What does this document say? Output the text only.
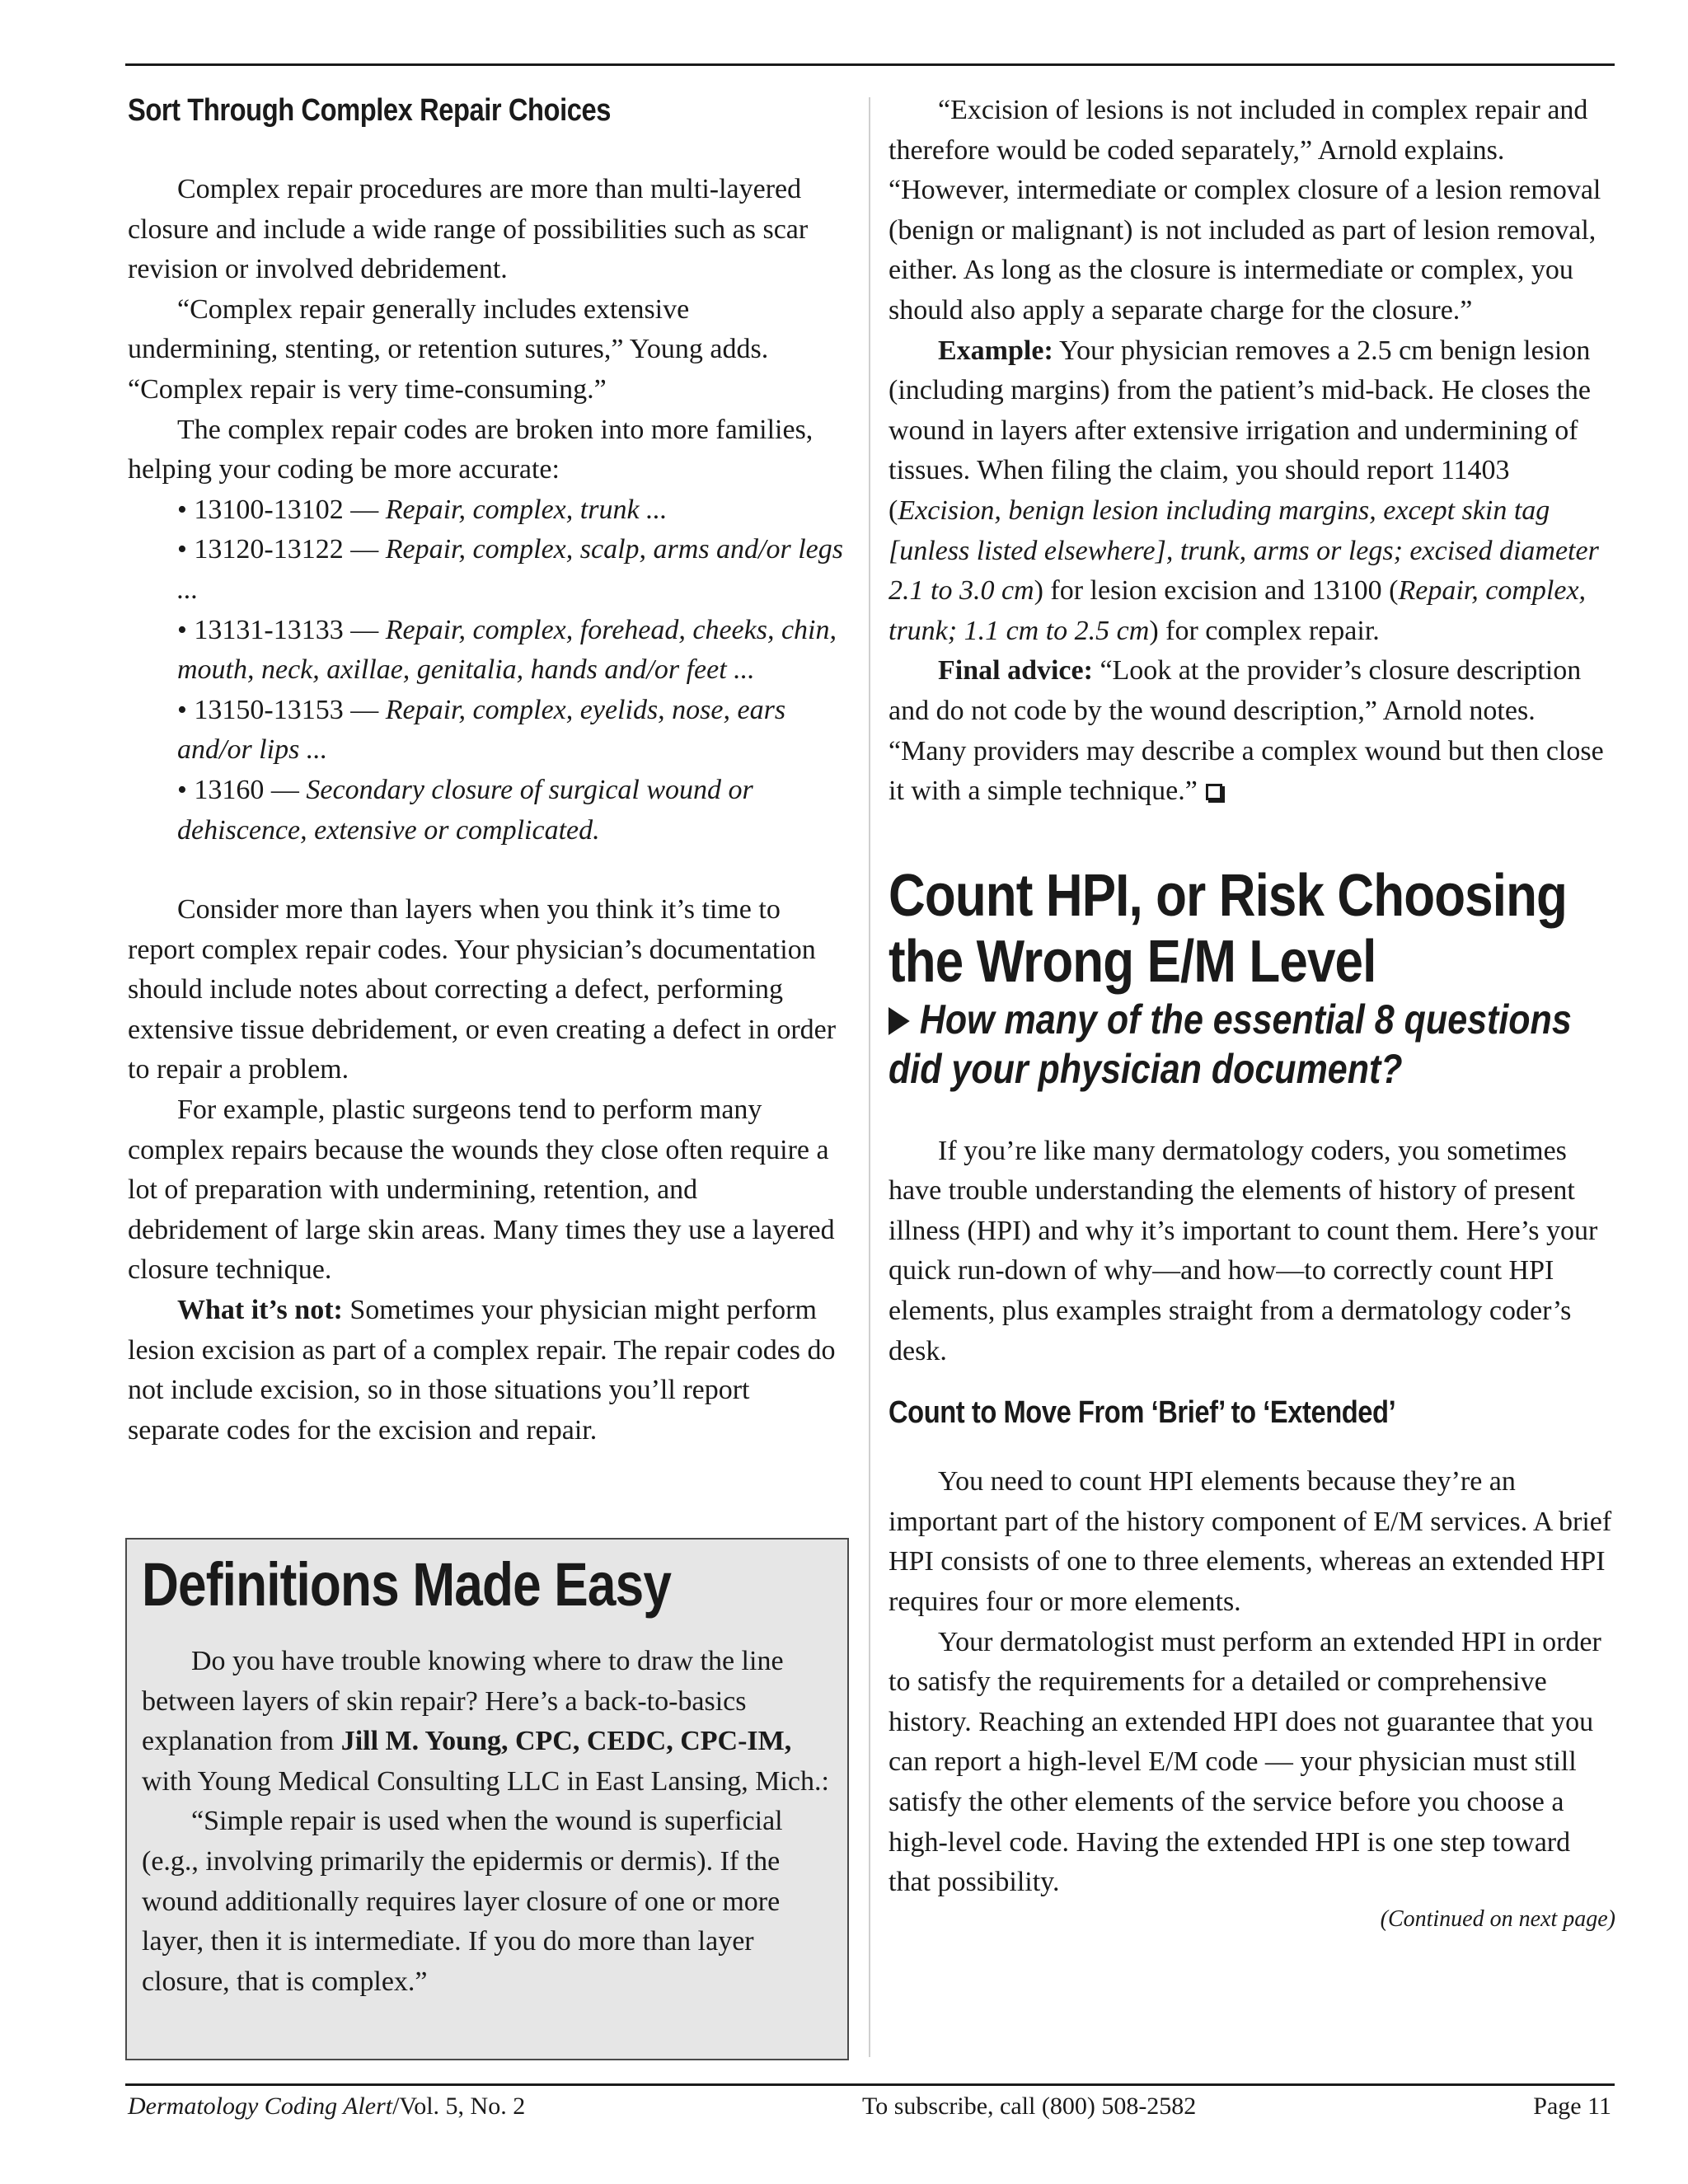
Sort Through Complex Repair Choices

Complex repair procedures are more than multi-layered closure and include a wide range of possibilities such as scar revision or involved debridement.

“Complex repair generally includes extensive undermining, stenting, or retention sutures,” Young adds. “Complex repair is very time-consuming.”

The complex repair codes are broken into more families, helping your coding be more accurate:

• 13100-13102 — Repair, complex, trunk ...
• 13120-13122 — Repair, complex, scalp, arms and/or legs ...
• 13131-13133 — Repair, complex, forehead, cheeks, chin, mouth, neck, axillae, genitalia, hands and/or feet ...
• 13150-13153 — Repair, complex, eyelids, nose, ears and/or lips ...
• 13160 — Secondary closure of surgical wound or dehiscence, extensive or complicated.

Consider more than layers when you think it’s time to report complex repair codes. Your physician’s documentation should include notes about correcting a defect, performing extensive tissue debridement, or even creating a defect in order to repair a problem.

For example, plastic surgeons tend to perform many complex repairs because the wounds they close often require a lot of preparation with undermining, retention, and debridement of large skin areas. Many times they use a layered closure technique.

What it’s not: Sometimes your physician might perform lesion excision as part of a complex repair. The repair codes do not include excision, so in those situations you’ll report separate codes for the excision and repair.

Definitions Made Easy

Do you have trouble knowing where to draw the line between layers of skin repair? Here’s a back-to-basics explanation from Jill M. Young, CPC, CEDC, CPC-IM, with Young Medical Consulting LLC in East Lansing, Mich.:

“Simple repair is used when the wound is superficial (e.g., involving primarily the epidermis or dermis). If the wound additionally requires layer closure of one or more layer, then it is intermediate. If you do more than layer closure, that is complex.”

“Excision of lesions is not included in complex repair and therefore would be coded separately,” Arnold explains. “However, intermediate or complex closure of a lesion removal (benign or malignant) is not included as part of lesion removal, either. As long as the closure is intermediate or complex, you should also apply a separate charge for the closure.”

Example: Your physician removes a 2.5 cm benign lesion (including margins) from the patient’s mid-back. He closes the wound in layers after extensive irrigation and undermining of tissues. When filing the claim, you should report 11403 (Excision, benign lesion including margins, except skin tag [unless listed elsewhere], trunk, arms or legs; excised diameter 2.1 to 3.0 cm) for lesion excision and 13100 (Repair, complex, trunk; 1.1 cm to 2.5 cm) for complex repair.

Final advice: “Look at the provider’s closure description and do not code by the wound description,” Arnold notes. “Many providers may describe a complex wound but then close it with a simple technique.”

Count HPI, or Risk Choosing
the Wrong E/M Level
How many of the essential 8 questions
did your physician document?

If you’re like many dermatology coders, you sometimes have trouble understanding the elements of history of present illness (HPI) and why it’s important to count them. Here’s your quick run-down of why—and how—to correctly count HPI elements, plus examples straight from a dermatology coder’s desk.

Count to Move From ‘Brief’ to ‘Extended’

You need to count HPI elements because they’re an important part of the history component of E/M services. A brief HPI consists of one to three elements, whereas an extended HPI requires four or more elements.

Your dermatologist must perform an extended HPI in order to satisfy the requirements for a detailed or comprehensive history. Reaching an extended HPI does not guarantee that you can report a high-level E/M code — your physician must still satisfy the other elements of the service before you choose a high-level code. Having the extended HPI is one step toward that possibility.

(Continued on next page)
Dermatology Coding Alert/Vol. 5, No. 2	To subscribe, call (800) 508-2582	Page 11
